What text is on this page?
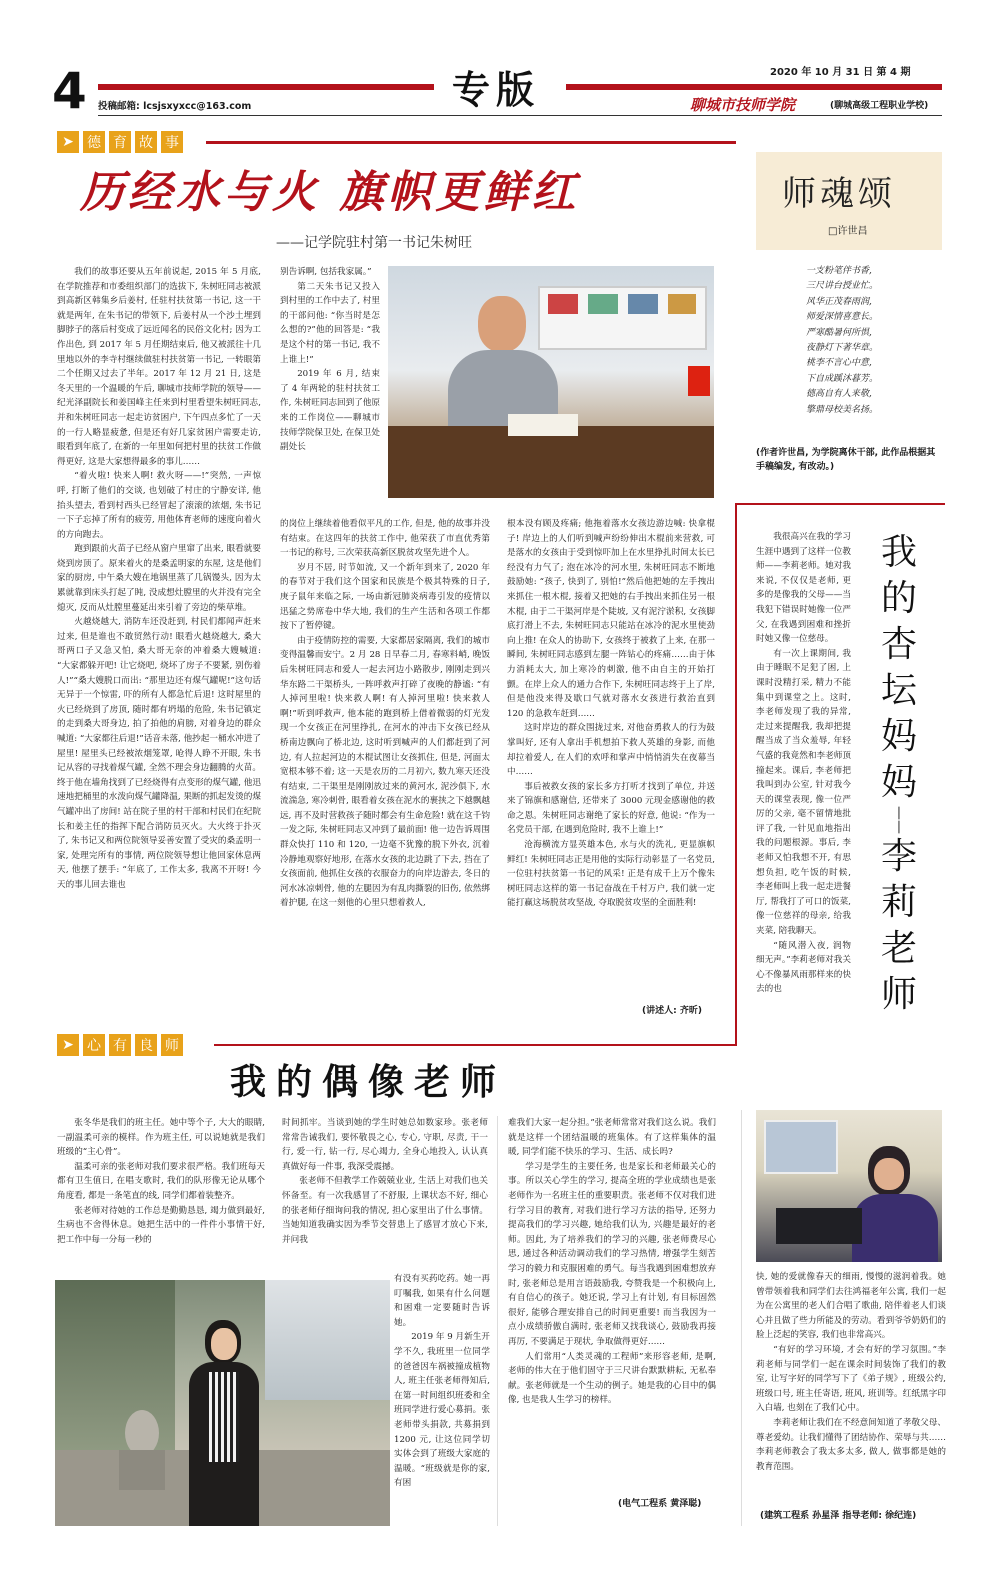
4	专版	2020 年 10 月 31 日 第 4 期
投稿邮箱: lcsjsxyxcc@163.com	聊城市技师学院	(聊城高级工程职业学校)
➤ 德 育 故 事
历经水与火 旗帜更鲜红
——记学院驻村第一书记朱树旺

我们的故事还要从五年前说起, 2015 年 5 月底, 在学院推荐和市委组织部门的选拔下, 朱树旺同志被派到高新区韩集乡后姜村, 任驻村扶贫第一书记, 这一干就是两年, 在朱书记的带领下, 后姜村从一个沙土埋到脚脖子的落后村变成了远近闻名的民俗文化村; 因为工作出色, 到 2017 年 5 月任期结束后, 他又被派往十几里地以外的李寺村继续做驻村扶贫第一书记, 一转眼第二个任期又过去了半年。2017 年 12 月 21 日, 这是冬天里的一个温暖的午后, 聊城市技师学院的领导——纪光泽副院长和姜国峰主任来到村里看望朱树旺同志, 并和朱树旺同志一起走访贫困户, 下午四点多忙了一天的一行人略显疲惫, 但是还有好几家贫困户需要走访, 眼看到年底了, 在新的一年里如何把村里的扶贫工作做得更好, 这是大家想得最多的事儿……

“着火啦! 快来人啊! 救火呀——!”突然, 一声惊呼, 打断了他们的交谈, 也划破了村庄的宁静安详, 他抬头望去, 看到村西头已经冒起了滚滚的浓烟, 朱书记一下子忘掉了所有的疲劳, 用他体育老师的速度向着火的方向跑去。

跑到跟前火苗子已经从窗户里窜了出来, 眼看就要烧到房顶了。原来着火的是桑孟明家的东屋, 这是他们家的厨房, 中午桑大嫂在地锅里蒸了几锅馒头, 因为太累就靠到床头打起了盹, 没成想灶膛里的火并没有完全熄灭, 反而从灶膛里蔓延出来引着了旁边的柴草堆。

火越烧越大, 消防车还没赶到, 村民们都闻声赶来过来, 但是谁也不敢贸然行动! 眼看火越烧越大, 桑大哥两口子又急又怕, 桑大哥无奈的冲着桑大嫂喊道: “大家都躲开吧! 让它烧吧, 烧坏了房子不要紧, 别伤着人!”“桑大嫂脱口而出: “那里边还有煤气罐呢!”这句话无异于一个惊雷, 吓的所有人都急忙后退! 这时屋里的火已经烧到了房顶, 随时都有坍塌的危险, 朱书记镇定的走到桑大哥身边, 拍了拍他的肩膀, 对着身边的群众喊道: “大家都往后退!”话音未落, 他抄起一桶水冲进了屋里! 屋里头已经被浓烟笼罩, 呛得人睁不开眼, 朱书记从容的寻找着煤气罐, 全然不理会身边翻腾的火苗。终于他在墙角找到了已经烧得有点变形的煤气罐, 他迅速地把桶里的水泼向煤气罐降温, 果断的抓起发烫的煤气罐冲出了房间! 站在院子里的村干部和村民们在纪院长和姜主任的指挥下配合消防员灭火。大火终于扑灭了, 朱书记又和两位院领导妥善安置了受灾的桑孟明一家, 处理完所有的事情, 两位院领导想让他回家休息两天, 他摆了摆手: “年底了, 工作太多, 我离不开呀! 今天的事儿回去谁也

别告诉啊, 包括我家属。”

第二天朱书记又投入到村里的工作中去了, 村里的干部问他: “你当时是怎么想的?”他的回答是: “我是这个村的第一书记, 我不上谁上!”

2019 年 6 月, 结束了 4 年两轮的驻村扶贫工作, 朱树旺同志回到了他原来的工作岗位——聊城市技师学院保卫处, 在保卫处副处长

的岗位上继续着他看似平凡的工作, 但是, 他的故事并没有结束。在这四年的扶贫工作中, 他荣获了市直优秀第一书记的称号, 三次荣获高新区脱贫攻坚先进个人。

岁月不居, 时节如流, 又一个新年到来了, 2020 年的春节对于我们这个国家和民族是个极其特殊的日子, 庚子鼠年来临之际, 一场由新冠肺炎病毒引发的疫情以迅猛之势席卷中华大地, 我们的生产生活和各项工作都按下了暂停键。

由于疫情防控的需要, 大家都居家隔离, 我们的城市变得温馨而安宁。2 月 28 日早春二月, 春寒料峭, 晚饭后朱树旺同志和爱人一起去河边小路散步, 刚刚走到兴华东路二干渠桥头, 一阵呼救声打碎了夜晚的静谧: “有人掉河里啦! 快来救人啊! 有人掉河里啦! 快来救人啊!”听到呼救声, 他本能的跑到桥上借着微弱的灯光发现一个女孩正在河里挣扎, 在河水的冲击下女孩已经从桥南边飘向了桥北边, 这时听到喊声的人们都赶到了河边, 有人拉起河边的木棍试图让女孩抓住, 但是, 河面太宽根本够不着; 这一天是农历的二月初六, 数九寒天还没有结束, 二干渠里是刚刚放过来的黄河水, 泥沙俱下, 水流湍急, 寒冷刺骨, 眼看着女孩在泥水的裹挟之下越飘越远, 再不及时营救孩子随时都会有生命危险! 就在这千钧一发之际, 朱树旺同志又冲到了最前面! 他一边告诉周围群众快打 110 和 120, 一边毫不犹豫的脱下外衣, 沉着冷静地观察好地形, 在落水女孩的北边跳了下去, 挡在了女孩面前, 他抓住女孩的衣服奋力的向岸边游去, 冬日的河水冰凉刺骨, 他的左腿因为有乱肉撕裂的旧伤, 依然绑着护腿, 在这一刻他的心里只想着救人,

根本没有顾及疼痛; 他拖着落水女孩边游边喊: 快拿棍子! 岸边上的人们听到喊声纷纷伸出木棍前来营救, 可是落水的女孩由于受到惊吓加上在水里挣扎时间太长已经没有力气了; 泡在冰冷的河水里, 朱树旺同志不断地鼓励她: “孩子, 快到了, 别怕!”然后他把她的左手拽出来抓住一根木棍, 接着又把她的右手拽出来抓住另一根木棍, 由于二干渠河岸是个陡坡, 又有泥泞淤积, 女孩脚底打滑上不去, 朱树旺同志只能站在冰冷的泥水里使劲向上推! 在众人的协助下, 女孩终于被救了上来, 在那一瞬间, 朱树旺同志感到左腿一阵钻心的疼痛……由于体力消耗太大, 加上寒冷的刺激, 他不由自主的开始打颤。在岸上众人的通力合作下, 朱树旺同志终于上了岸, 但是他没来得及歇口气就对落水女孩进行救治直到 120 的急救车赶到……

这时岸边的群众围拢过来, 对他奋勇救人的行为鼓掌叫好, 还有人拿出手机想拍下救人英雄的身影, 而他却拉着爱人, 在人们的欢呼和掌声中悄悄消失在夜幕当中……

事后被救女孩的家长多方打听才找到了单位, 并送来了锦旗和感谢信, 还带来了 3000 元现金感谢他的救命之恩。朱树旺同志谢绝了家长的好意, 他说: “作为一名党员干部, 在遇到危险时, 我不上谁上!”

沧海横流方显英雄本色, 水与火的洗礼, 更显旗帜鲜红! 朱树旺同志正是用他的实际行动彰显了一名党员, 一位驻村扶贫第一书记的风采! 正是有成千上万个像朱树旺同志这样的第一书记奋战在千村万户, 我们就一定能打赢这场脱贫攻坚战, 夺取脱贫攻坚的全面胜利!

(讲述人: 齐昕)
师魂颂
□许世昌
一支粉笔伴书香,
三尺讲台授业忙。
风华正茂春雨润,
师爱深情喜意长。
严寒酷暑何所惧,
夜静灯下著华章。
桃李不言心中意,
下自成蹊沐暮芳。
德高自有人来敬,
擎鼎母校美名扬。
(作者许世昌, 为学院离休干部, 此作品根据其手稿编发, 有改动。)

我很高兴在我的学习生涯中遇到了这样一位教师——李莉老师。她对我来说, 不仅仅是老师, 更多的是像我的父母——当我犯下错误时她像一位严父, 在我遇到困难和挫折时她又像一位慈母。

有一次上课期间, 我由于睡眠不足犯了困, 上课时没精打采, 精力不能集中到课堂之上。这时, 李老师发现了我的异常, 走过来提醒我, 我却把提醒当成了当众羞辱, 年轻气盛的我竟然和李老师顶撞起来。课后, 李老师把我叫到办公室, 针对我今天的课堂表现, 像一位严厉的父亲, 毫不留情地批评了我, 一针见血地指出我的问题根源。事后, 李老师又怕我想不开, 有思想负担, 吃午饭的时候, 李老师叫上我一起走进餐厅, 帮我打了可口的饭菜, 像一位慈祥的母亲, 给我夹菜, 陪我聊天。

“随风潜入夜, 润物细无声。”李莉老师对我关心不像暴风雨那样来的快去的也

我
的
杏
坛
妈
妈
——
李
莉
老
师

快, 她的爱就像春天的细雨, 慢慢的滋润着我。她曾带领着我和同学们去往鸿福老年公寓, 我们一起为在公寓里的老人们合唱了歌曲, 陪伴着老人们谈心并且做了些力所能及的劳动。看到爷爷奶奶们的脸上泛起的笑容, 我们也非常高兴。

“有好的学习环境, 才会有好的学习氛围。”李莉老师与同学们一起在课余时间装饰了我们的教室, 让写字好的同学写下了《弟子规》, 班级公约, 班级口号, 班主任寄语, 班风, 班训等。红纸黑字印入白墙, 也刻在了我们心中。

李莉老师让我们在不经意间知道了孝敬父母、尊老爱幼。让我们懂得了团结协作、荣辱与共……李莉老师教会了我太多太多, 做人, 做事都是她的教育范围。

(建筑工程系 孙星泽 指导老师: 徐纪连)
➤ 心 有 良 师
我的偶像老师

张冬华是我们的班主任。她中等个子, 大大的眼睛, 一副温柔可亲的模样。作为班主任, 可以说她就是我们班级的“主心骨”。

温柔可亲的张老师对我们要求很严格。我们班每天都有卫生值日, 在唱支歌时, 我们的队形像无论从哪个角度看, 都是一条笔直的线, 同学们都着装整齐。

张老师对待她的工作总是勤勤恳恳, 竭力做到最好, 生病也不舍得休息。她把生活中的一件件小事情干好, 把工作中每一分每一秒的

时间抓牢。当谈到她的学生时她总如数家珍。张老师常常告诫我们, 要怀敬畏之心, 专心, 守职, 尽责, 干一行, 爱一行, 钻一行, 尽心竭力, 全身心地投入, 认认真真做好每一件事, 我深受震撼。

张老师不但教学工作兢兢业业, 生活上对我们也关怀备至。有一次我感冒了不舒服, 上课状态不好, 细心的张老师仔细询问我的情况, 担心家里出了什么事情。当她知道我确实因为季节交替患上了感冒才放心下来, 并问我

有没有买药吃药。她一再叮嘱我, 如果有什么问题和困难一定要随时告诉她。

2019 年 9 月新生开学不久, 我班里一位同学的爸爸因车祸被撞成植物人, 班主任张老师得知后, 在第一时间组织班委和全班同学进行爱心募捐。张老师带头捐款, 共募捐到 1200 元, 让这位同学切实体会到了班级大家庭的温暖。“班级就是你的家, 有困

难我们大家一起分担。”张老师常常对我们这么说。我们就是这样一个团结温暖的班集体。有了这样集体的温暖, 同学们能不快乐的学习、生活、成长吗?

学习是学生的主要任务, 也是家长和老师最关心的事。所以关心学生的学习, 提高全班的学业成绩也是张老师作为一名班主任的重要职责。张老师不仅对我们进行学习目的教育, 对我们进行学习方法的指导, 还努力提高我们的学习兴趣, 她给我们认为, 兴趣是最好的老师。因此, 为了培养我们的学习的兴趣, 张老师费尽心思, 通过各种活动调动我们的学习热情, 增强学生刻苦学习的毅力和克服困难的勇气。每当我遇到困难想放弃时, 张老师总是用言语鼓励我, 夸赞我是一个积极向上, 有自信心的孩子。她还说, 学习上有计划, 有目标固然很好, 能够合理安排自己的时间更重要! 而当我因为一点小成绩骄傲自满时, 张老师又找我谈心, 鼓励我再接再厉, 不要满足于现状, 争取做得更好……

人们常用“人类灵魂的工程师”来形容老师, 是啊, 老师的伟大在于他们固守于三尺讲台默默耕耘, 无私奉献。张老师就是一个生动的例子。她是我的心目中的偶像, 也是我人生学习的榜样。

(电气工程系 黄泽聪)
